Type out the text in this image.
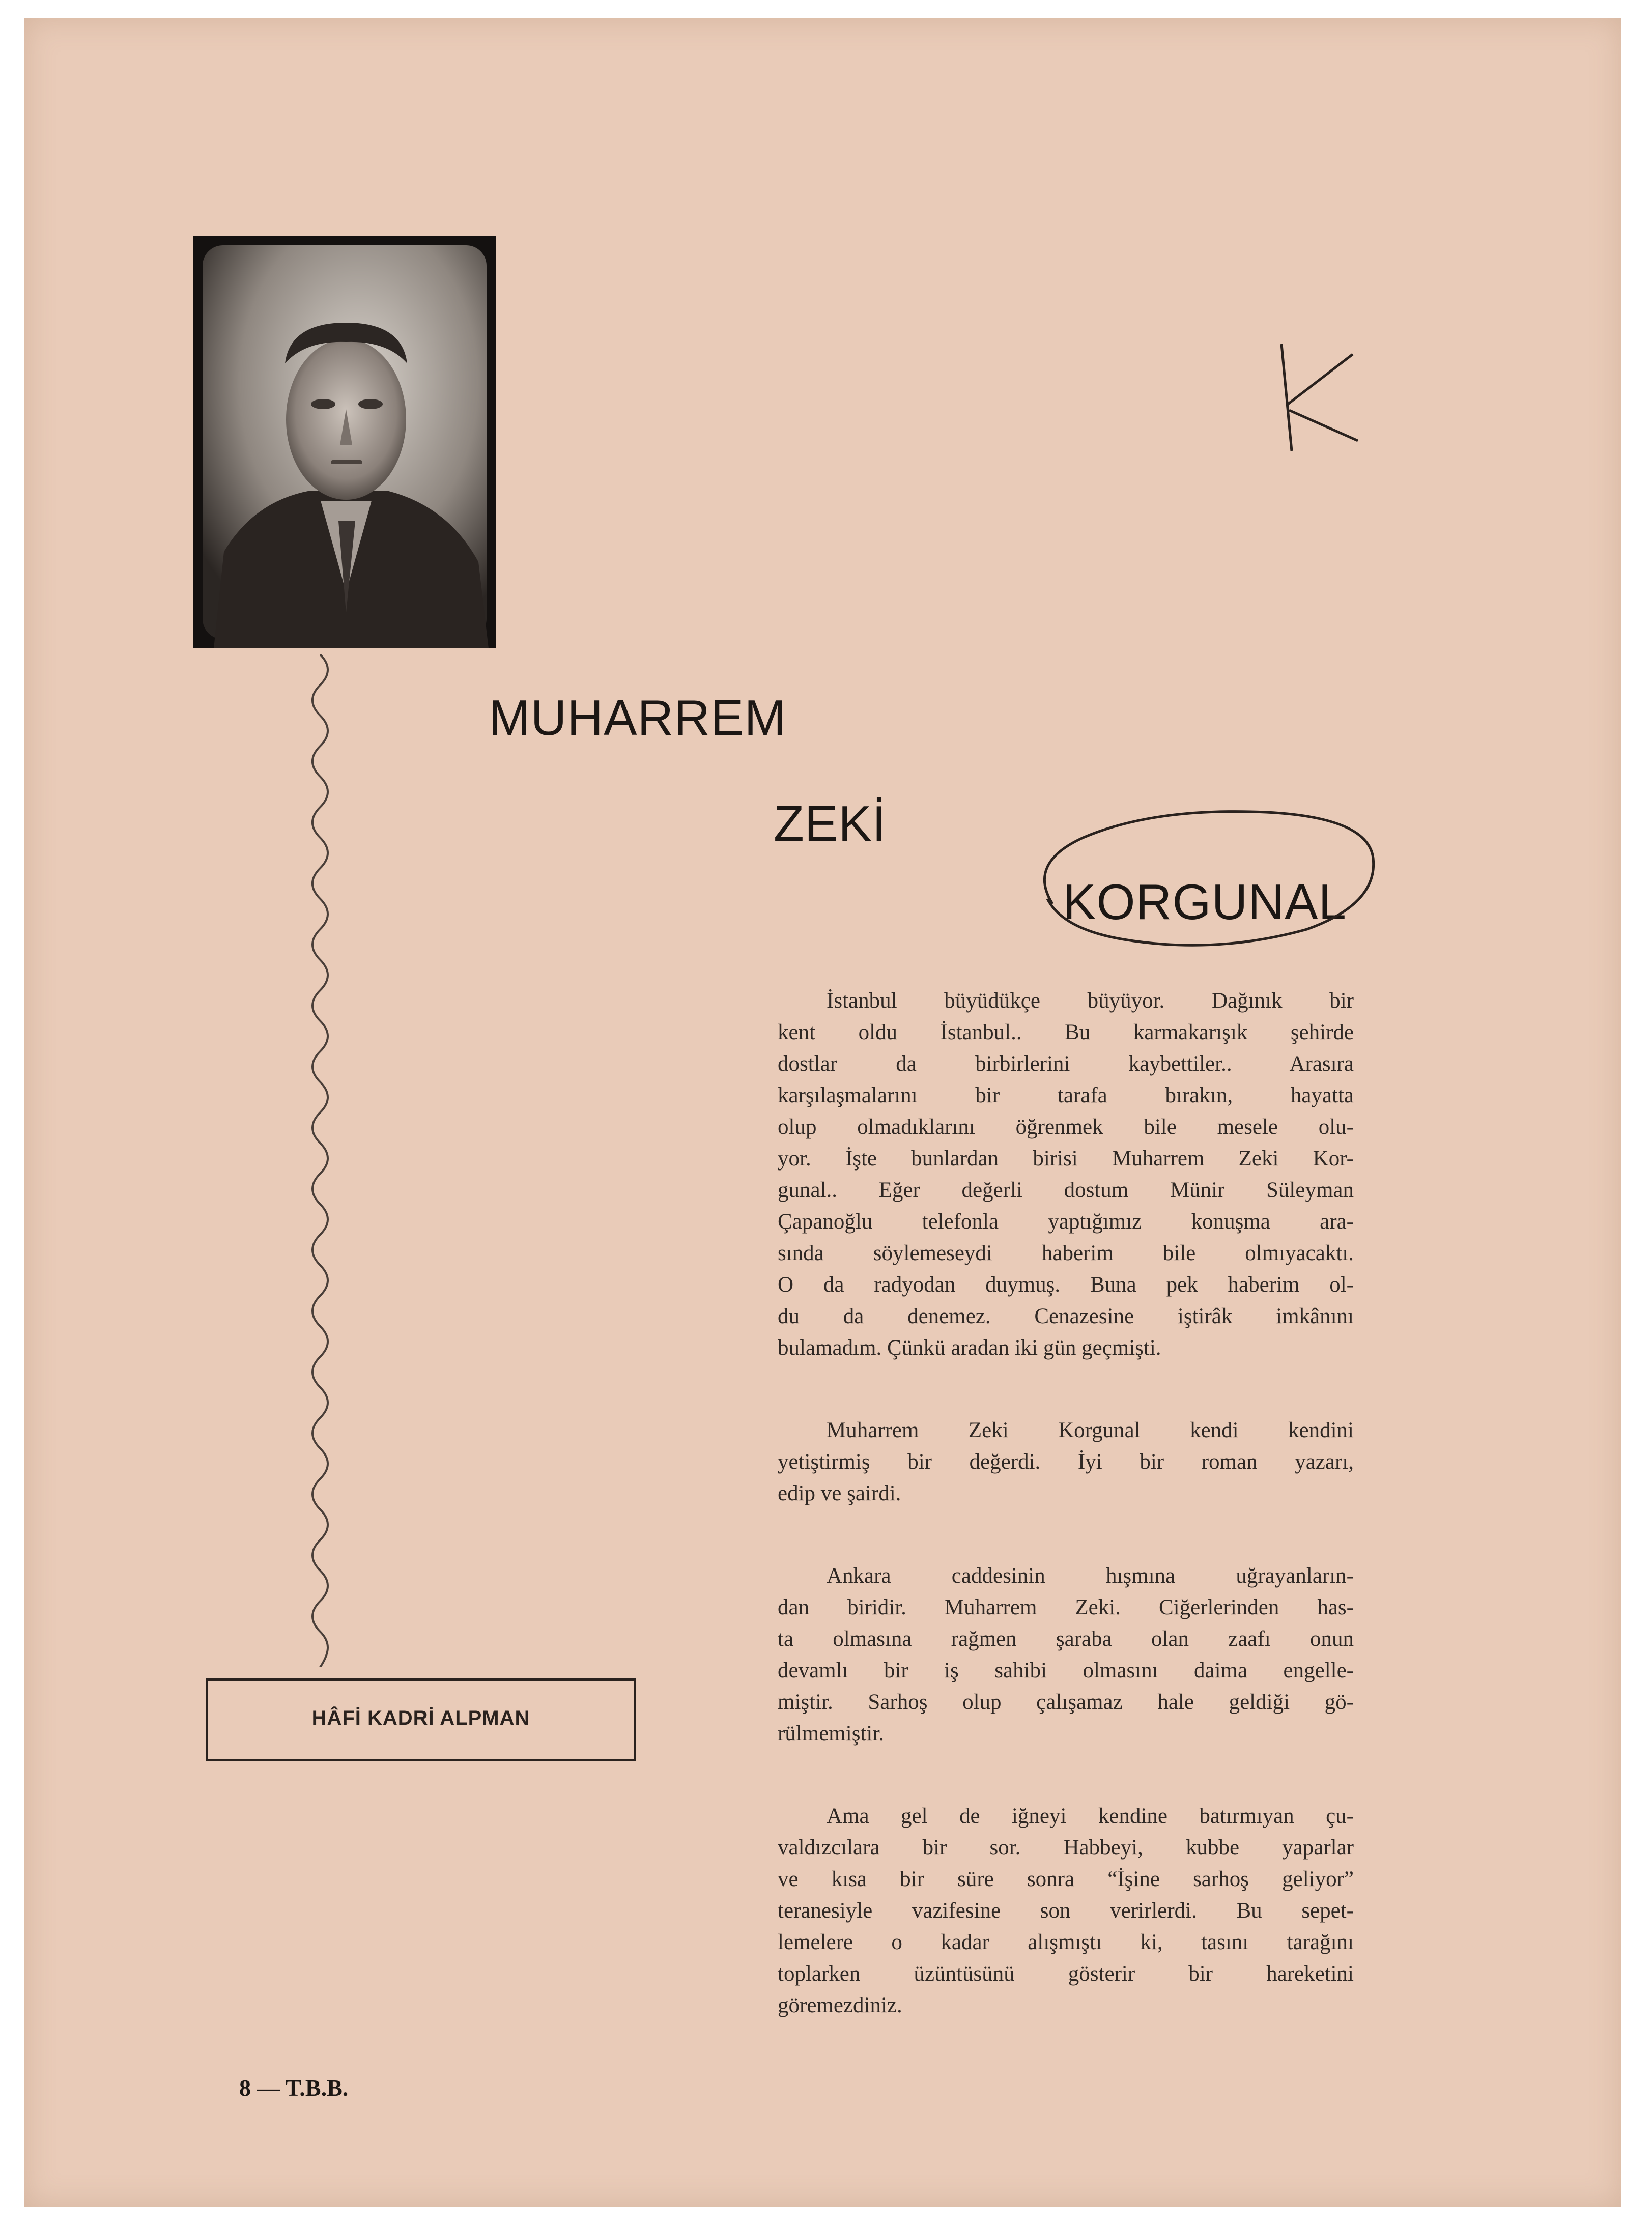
MUHARREM
ZEKİ
KORGUNAL
HÂFİ KADRİ ALPMAN

İstanbul büyüdükçe büyüyor. Dağınık bir
kent oldu İstanbul.. Bu karmakarışık şehirde
dostlar da birbirlerini kaybettiler.. Arasıra
karşılaşmalarını bir tarafa bırakın, hayatta
olup olmadıklarını öğrenmek bile mesele olu-
yor. İşte bunlardan birisi Muharrem Zeki Kor-
gunal.. Eğer değerli dostum Münir Süleyman
Çapanoğlu telefonla yaptığımız konuşma ara-
sında söylemeseydi haberim bile olmıyacaktı.
O da radyodan duymuş. Buna pek haberim ol-
du da denemez. Cenazesine iştirâk imkânını
bulamadım. Çünkü aradan iki gün geçmişti.

Muharrem Zeki Korgunal kendi kendini
yetiştirmiş bir değerdi. İyi bir roman yazarı,
edip ve şairdi.

Ankara caddesinin hışmına uğrayanların-
dan biridir. Muharrem Zeki. Ciğerlerinden has-
ta olmasına rağmen şaraba olan zaafı onun
devamlı bir iş sahibi olmasını daima engelle-
miştir. Sarhoş olup çalışamaz hale geldiği gö-
rülmemiştir.

Ama gel de iğneyi kendine batırmıyan çu-
valdızcılara bir sor. Habbeyi, kubbe yaparlar
ve kısa bir süre sonra “İşine sarhoş geliyor”
teranesiyle vazifesine son verirlerdi. Bu sepet-
lemelere o kadar alışmıştı ki, tasını tarağını
toplarken üzüntüsünü gösterir bir hareketini
göremezdiniz.

8 — T.B.B.
